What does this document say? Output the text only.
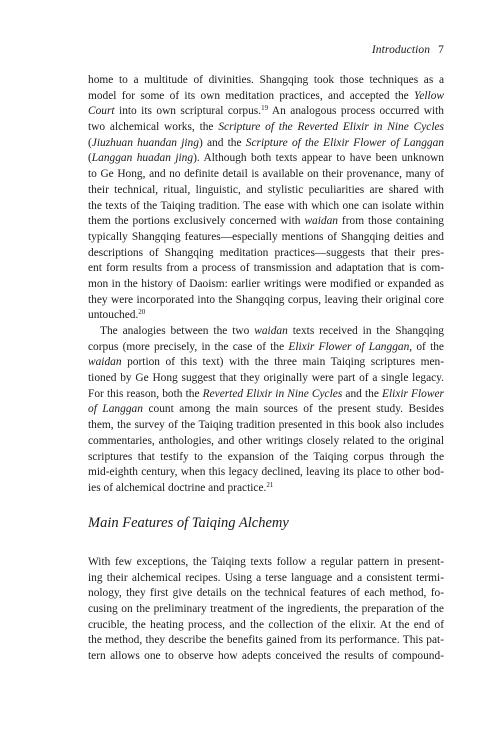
Introduction 7
home to a multitude of divinities. Shangqing took those techniques as a
model for some of its own meditation practices, and accepted the Yellow
Court into its own scriptural corpus.$^{19}$ An analogous process occurred with
two alchemical works, the Scripture of the Reverted Elixir in Nine Cycles
(Jiuzhuan huandan jing) and the Scripture of the Elixir Flower of Langgan
(Langgan huadan jing). Although both texts appear to have been unknown
to Ge Hong, and no definite detail is available on their provenance, many of
their technical, ritual, linguistic, and stylistic peculiarities are shared with
the texts of the Taiqing tradition. The ease with which one can isolate within
them the portions exclusively concerned with waidan from those containing
typically Shangqing features—especially mentions of Shangqing deities and
descriptions of Shangqing meditation practices—suggests that their pres-
ent form results from a process of transmission and adaptation that is com-
mon in the history of Daoism: earlier writings were modified or expanded as
they were incorporated into the Shangqing corpus, leaving their original core
untouched.$^{20}$
The analogies between the two waidan texts received in the Shangqing
corpus (more precisely, in the case of the Elixir Flower of Langgan, of the
waidan portion of this text) with the three main Taiqing scriptures men-
tioned by Ge Hong suggest that they originally were part of a single legacy.
For this reason, both the Reverted Elixir in Nine Cycles and the Elixir Flower
of Langgan count among the main sources of the present study. Besides
them, the survey of the Taiqing tradition presented in this book also includes
commentaries, anthologies, and other writings closely related to the original
scriptures that testify to the expansion of the Taiqing corpus through the
mid-eighth century, when this legacy declined, leaving its place to other bod-
ies of alchemical doctrine and practice.$^{21}$
Main Features of Taiqing Alchemy
With few exceptions, the Taiqing texts follow a regular pattern in present-
ing their alchemical recipes. Using a terse language and a consistent termi-
nology, they first give details on the technical features of each method, fo-
cusing on the preliminary treatment of the ingredients, the preparation of the
crucible, the heating process, and the collection of the elixir. At the end of
the method, they describe the benefits gained from its performance. This pat-
tern allows one to observe how adepts conceived the results of compound-
